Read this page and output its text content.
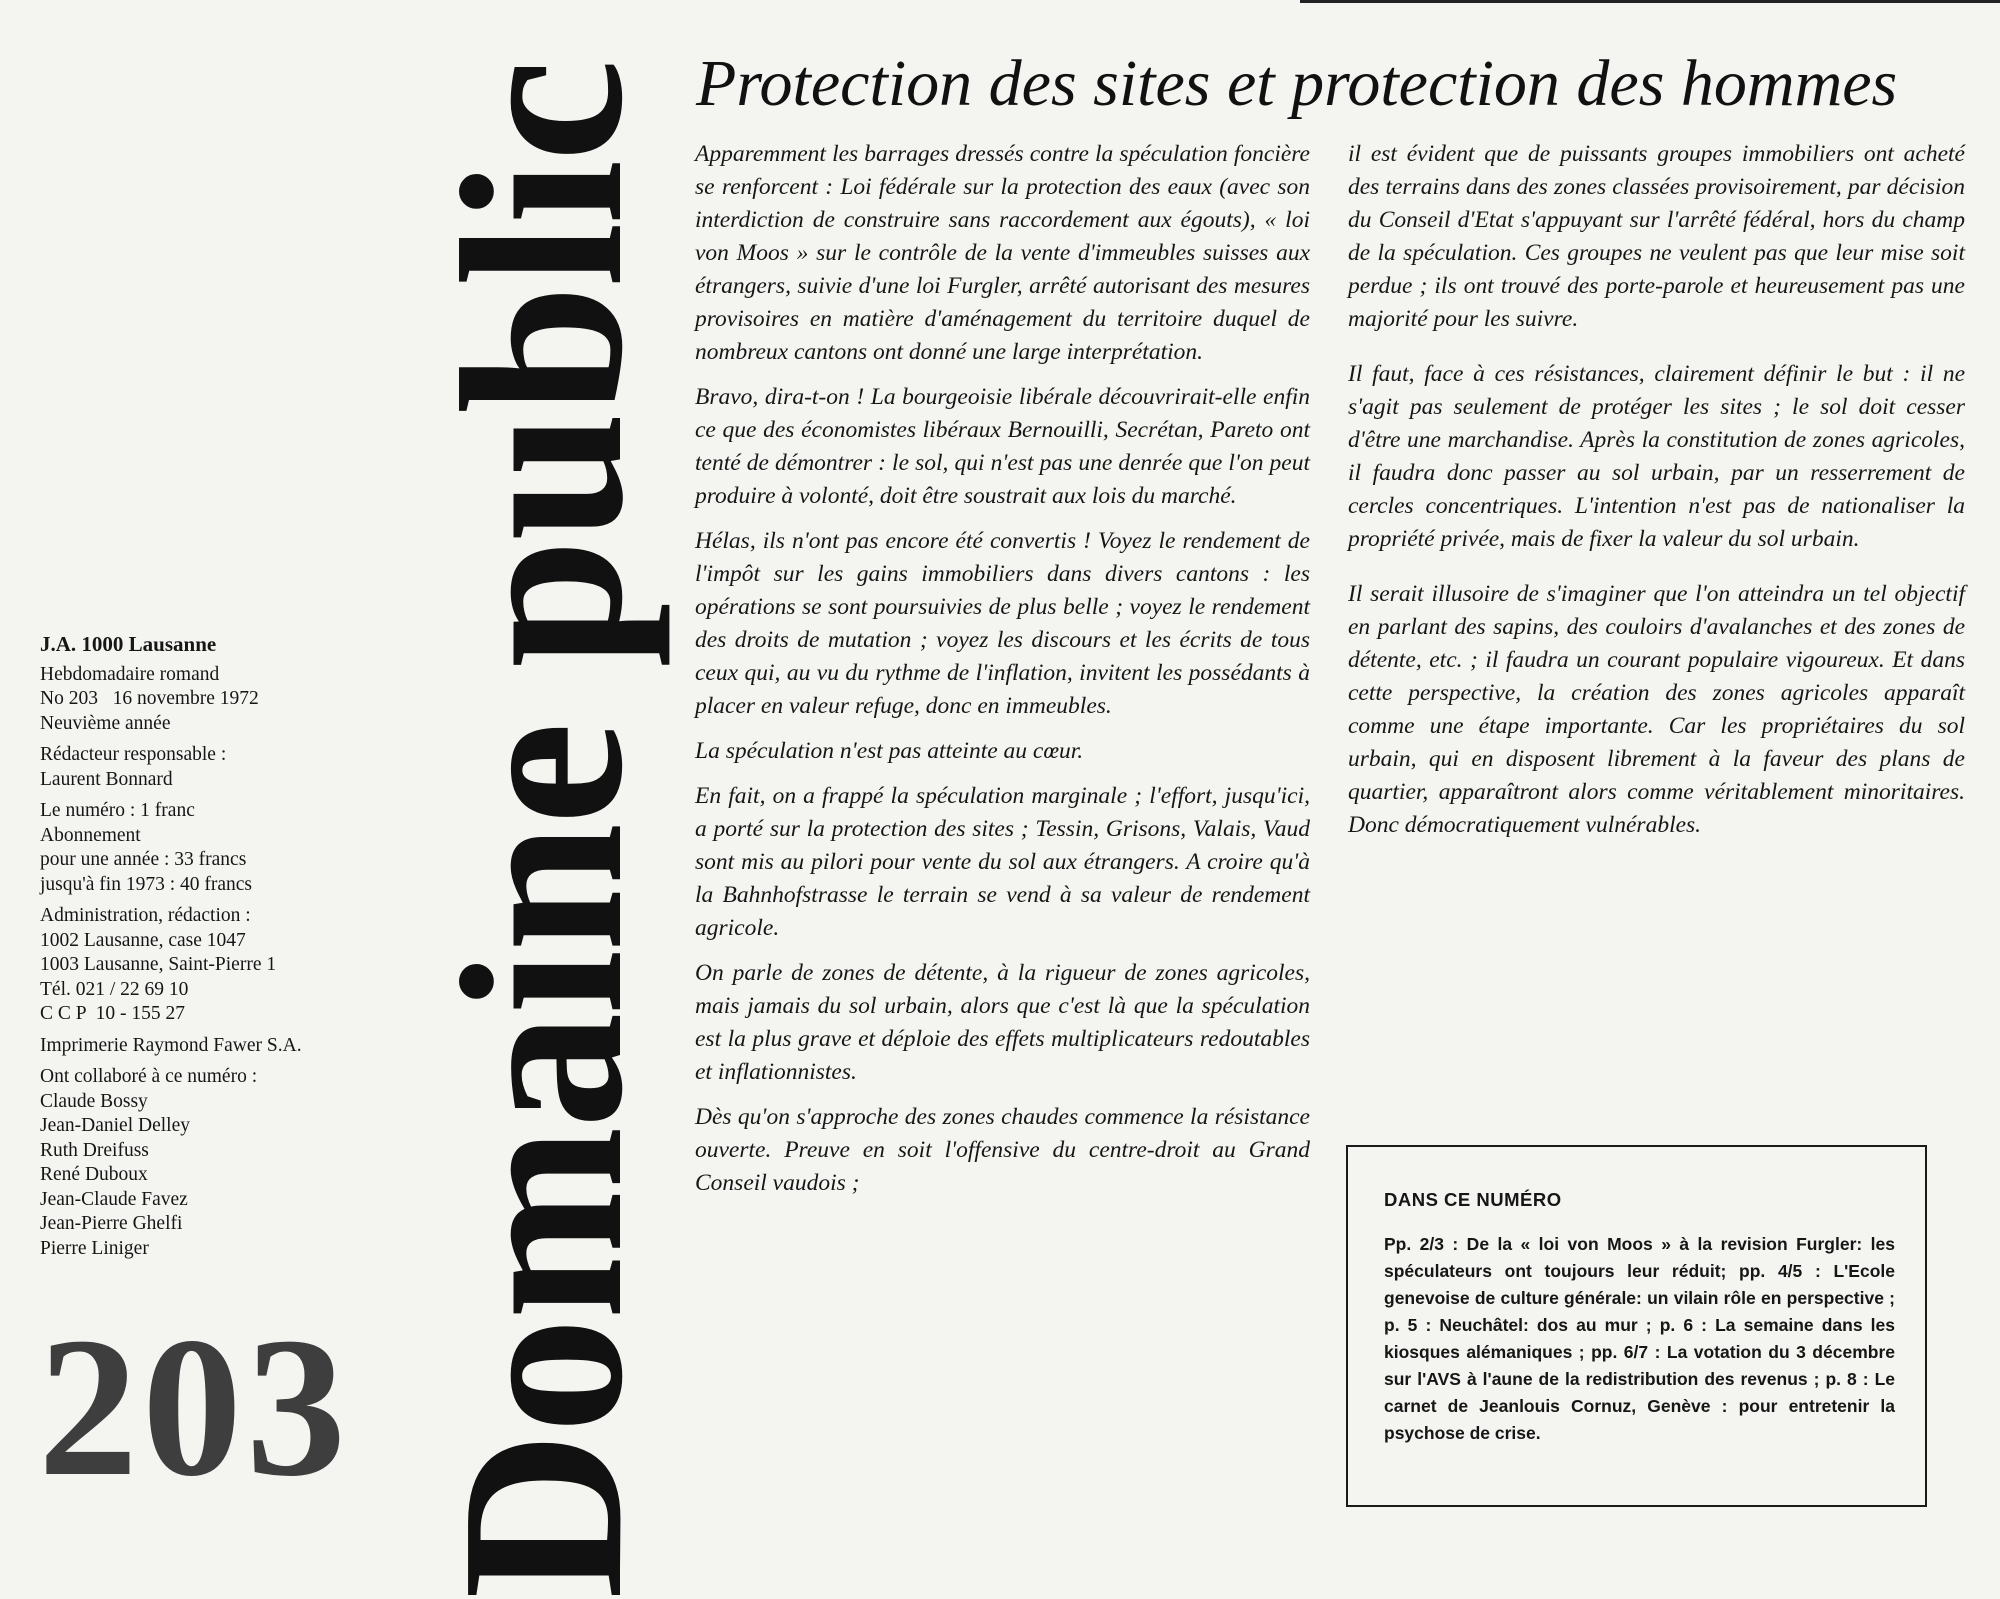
J.A. 1000 Lausanne
Hebdomadaire romand
No 203   16 novembre 1972
Neuvième année
Rédacteur responsable :
Laurent Bonnard
Le numéro : 1 franc
Abonnement
pour une année : 33 francs
jusqu'à fin 1973 : 40 francs
Administration, rédaction :
1002 Lausanne, case 1047
1003 Lausanne, Saint-Pierre 1
Tél. 021 / 22 69 10
C C P  10 - 155 27
Imprimerie Raymond Fawer S.A.
Ont collaboré à ce numéro :
Claude Bossy
Jean-Daniel Delley
Ruth Dreifuss
René Duboux
Jean-Claude Favez
Jean-Pierre Ghelfi
Pierre Liniger
203 Domaine public Protection des sites et protection des hommes

Apparemment les barrages dressés contre la spéculation foncière se renforcent : Loi fédérale sur la protection des eaux (avec son interdiction de construire sans raccordement aux égouts), « loi von Moos » sur le contrôle de la vente d'immeubles suisses aux étrangers, suivie d'une loi Furgler, arrêté autorisant des mesures provisoires en matière d'aménagement du territoire duquel de nombreux cantons ont donné une large interprétation.

Bravo, dira-t-on ! La bourgeoisie libérale découvrirait-elle enfin ce que des économistes libéraux Bernouilli, Secrétan, Pareto ont tenté de démontrer : le sol, qui n'est pas une denrée que l'on peut produire à volonté, doit être soustrait aux lois du marché.

Hélas, ils n'ont pas encore été convertis ! Voyez le rendement de l'impôt sur les gains immobiliers dans divers cantons : les opérations se sont poursuivies de plus belle ; voyez le rendement des droits de mutation ; voyez les discours et les écrits de tous ceux qui, au vu du rythme de l'inflation, invitent les possédants à placer en valeur refuge, donc en immeubles.

La spéculation n'est pas atteinte au cœur.

En fait, on a frappé la spéculation marginale ; l'effort, jusqu'ici, a porté sur la protection des sites ; Tessin, Grisons, Valais, Vaud sont mis au pilori pour vente du sol aux étrangers. A croire qu'à la Bahnhofstrasse le terrain se vend à sa valeur de rendement agricole.

On parle de zones de détente, à la rigueur de zones agricoles, mais jamais du sol urbain, alors que c'est là que la spéculation est la plus grave et déploie des effets multiplicateurs redoutables et inflationnistes.

Dès qu'on s'approche des zones chaudes commence la résistance ouverte. Preuve en soit l'offensive du centre-droit au Grand Conseil vaudois ;

il est évident que de puissants groupes immobiliers ont acheté des terrains dans des zones classées provisoirement, par décision du Conseil d'Etat s'appuyant sur l'arrêté fédéral, hors du champ de la spéculation. Ces groupes ne veulent pas que leur mise soit perdue ; ils ont trouvé des porte-parole et heureusement pas une majorité pour les suivre.

Il faut, face à ces résistances, clairement définir le but : il ne s'agit pas seulement de protéger les sites ; le sol doit cesser d'être une marchandise. Après la constitution de zones agricoles, il faudra donc passer au sol urbain, par un resserrement de cercles concentriques. L'intention n'est pas de nationaliser la propriété privée, mais de fixer la valeur du sol urbain.

Il serait illusoire de s'imaginer que l'on atteindra un tel objectif en parlant des sapins, des couloirs d'avalanches et des zones de détente, etc. ; il faudra un courant populaire vigoureux. Et dans cette perspective, la création des zones agricoles apparaît comme une étape importante. Car les propriétaires du sol urbain, qui en disposent librement à la faveur des plans de quartier, apparaîtront alors comme véritablement minoritaires. Donc démocratiquement vulnérables.

DANS CE NUMÉRO
Pp. 2/3 : De la « loi von Moos » à la revision Furgler: les spéculateurs ont toujours leur réduit; pp. 4/5 : L'Ecole genevoise de culture générale: un vilain rôle en perspective ; p. 5 : Neuchâtel: dos au mur ; p. 6 : La semaine dans les kiosques alémaniques ; pp. 6/7 : La votation du 3 décembre sur l'AVS à l'aune de la redistribution des revenus ; p. 8 : Le carnet de Jeanlouis Cornuz, Genève : pour entretenir la psychose de crise.
